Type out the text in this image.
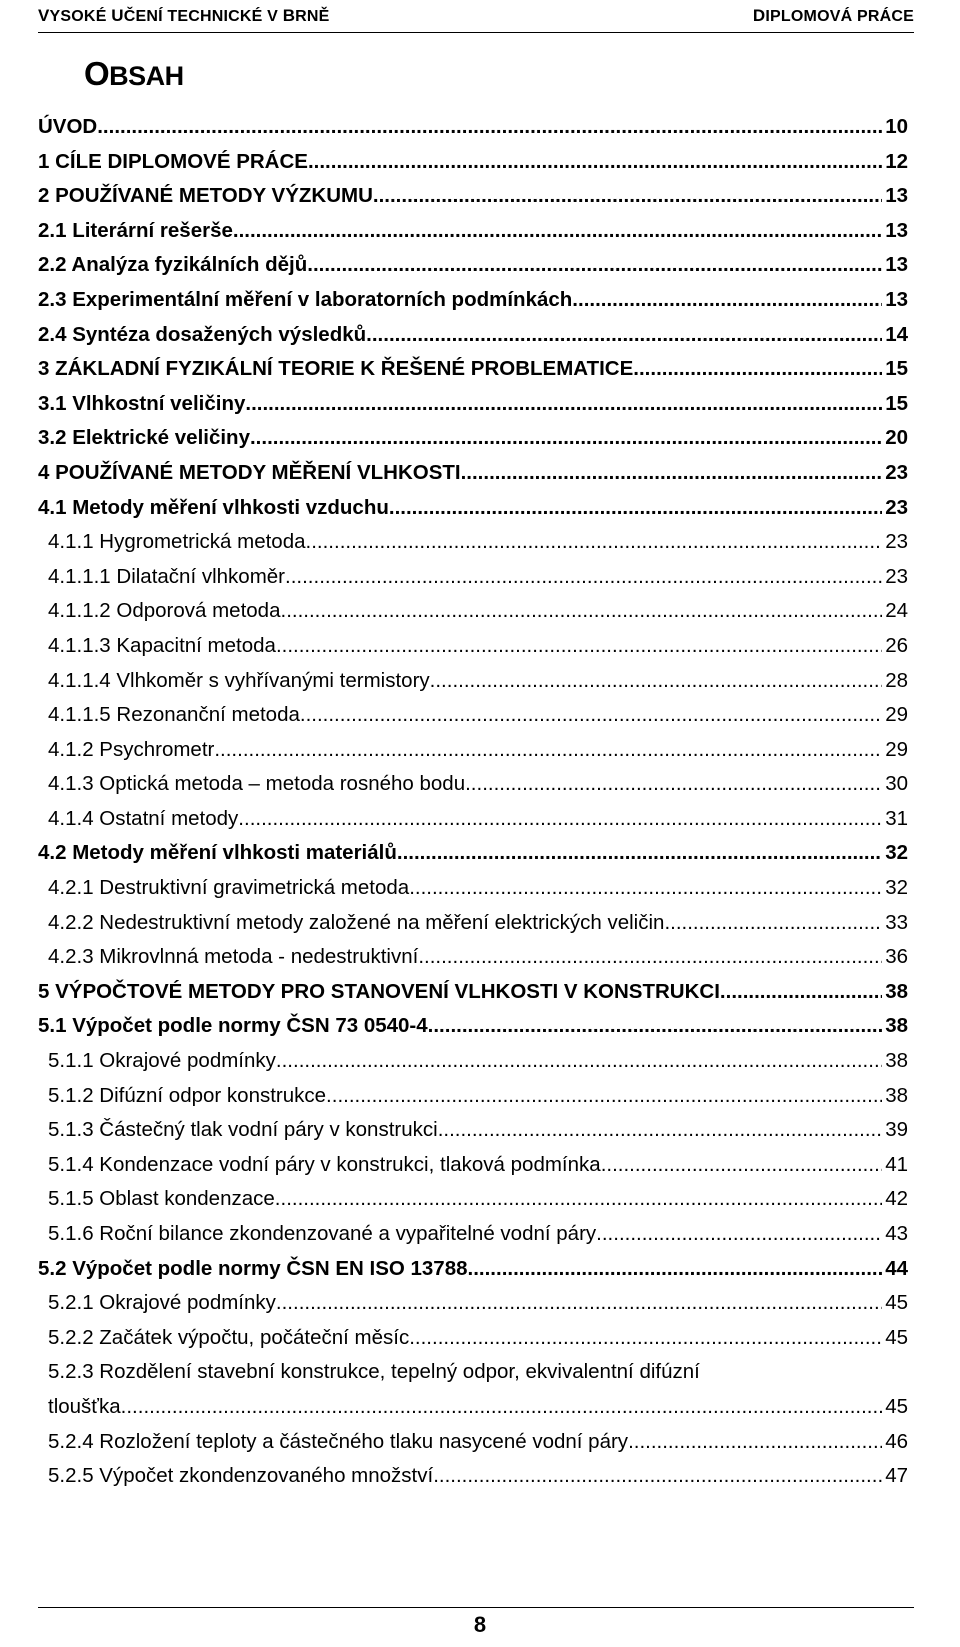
VYSOKÉ UČENÍ TECHNICKÉ V BRNĚ	DIPLOMOVÁ PRÁCE
OBSAH
ÚVOD .....	10
1 CÍLE DIPLOMOVÉ PRÁCE .....	12
2 POUŽÍVANÉ METODY VÝZKUMU .....	13
2.1 Literární rešerše .....	13
2.2 Analýza fyzikálních dějů .....	13
2.3 Experimentální měření v laboratorních podmínkách .....	13
2.4 Syntéza dosažených výsledků .....	14
3 ZÁKLADNÍ FYZIKÁLNÍ TEORIE K ŘEŠENÉ PROBLEMATICE .....	15
3.1 Vlhkostní veličiny .....	15
3.2 Elektrické veličiny .....	20
4 POUŽÍVANÉ METODY MĚŘENÍ VLHKOSTI .....	23
4.1 Metody měření vlhkosti vzduchu .....	23
4.1.1 Hygrometrická metoda .....	23
4.1.1.1 Dilatační vlhkoměr .....	23
4.1.1.2 Odporová metoda .....	24
4.1.1.3 Kapacitní metoda .....	26
4.1.1.4 Vlhkoměr s vyhřívanými termistory .....	28
4.1.1.5 Rezonanční metoda .....	29
4.1.2 Psychrometr .....	29
4.1.3 Optická metoda – metoda rosného bodu .....	30
4.1.4 Ostatní metody .....	31
4.2 Metody měření vlhkosti materiálů .....	32
4.2.1 Destruktivní gravimetrická metoda .....	32
4.2.2 Nedestruktivní metody založené na měření elektrických veličin .....	33
4.2.3 Mikrovlnná metoda - nedestruktivní .....	36
5 VÝPOČTOVÉ METODY PRO STANOVENÍ VLHKOSTI V KONSTRUKCI .....	38
5.1 Výpočet podle normy ČSN 73 0540-4 .....	38
5.1.1 Okrajové podmínky .....	38
5.1.2 Difúzní odpor konstrukce .....	38
5.1.3 Částečný tlak vodní páry v konstrukci .....	39
5.1.4 Kondenzace vodní páry v konstrukci, tlaková podmínka .....	41
5.1.5 Oblast kondenzace .....	42
5.1.6 Roční bilance zkondenzované a vypařitelné vodní páry .....	43
5.2 Výpočet podle normy ČSN EN ISO 13788 .....	44
5.2.1 Okrajové podmínky .....	45
5.2.2 Začátek výpočtu, počáteční měsíc .....	45
5.2.3 Rozdělení stavební konstrukce, tepelný odpor, ekvivalentní difúzní
tloušťka .....	45
5.2.4 Rozložení teploty a částečného tlaku nasycené vodní páry .....	46
5.2.5 Výpočet zkondenzovaného množství .....	47
8
